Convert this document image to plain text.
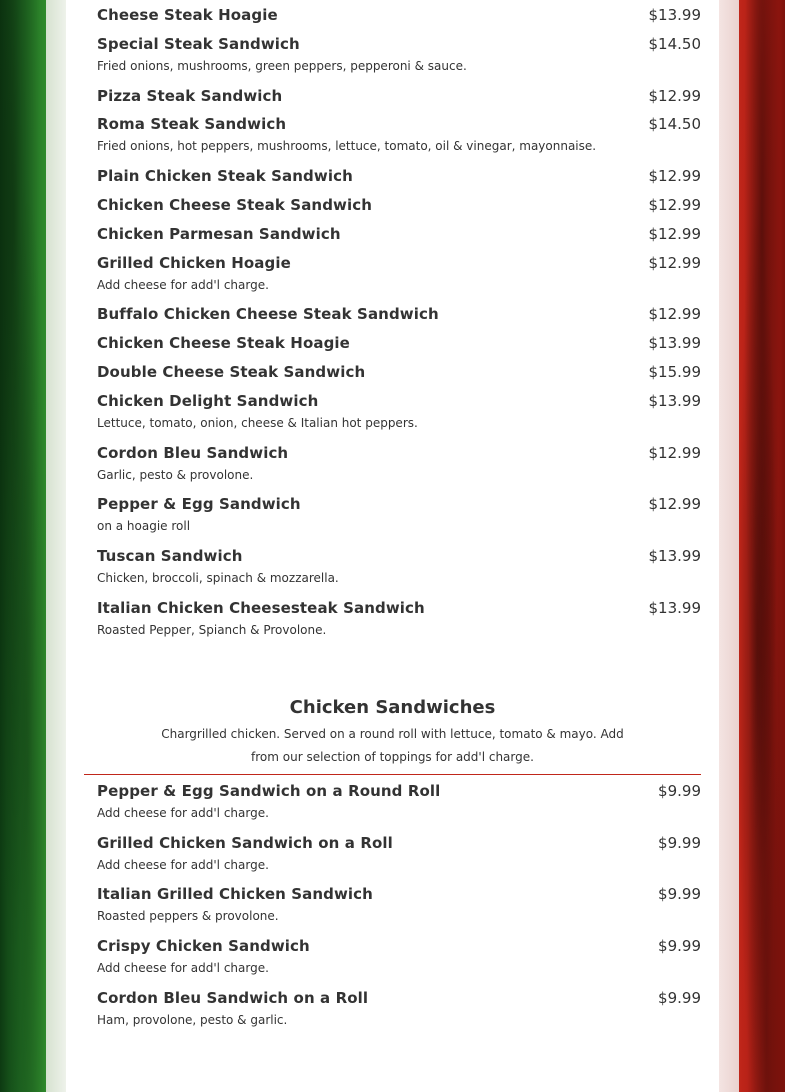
Cheese Steak Hoagie	$13.99
Special Steak Sandwich	$14.50
Fried onions, mushrooms, green peppers, pepperoni & sauce.
Pizza Steak Sandwich	$12.99
Roma Steak Sandwich	$14.50
Fried onions, hot peppers, mushrooms, lettuce, tomato, oil & vinegar, mayonnaise.
Plain Chicken Steak Sandwich	$12.99
Chicken Cheese Steak Sandwich	$12.99
Chicken Parmesan Sandwich	$12.99
Grilled Chicken Hoagie	$12.99
Add cheese for add'l charge.
Buffalo Chicken Cheese Steak Sandwich	$12.99
Chicken Cheese Steak Hoagie	$13.99
Double Cheese Steak Sandwich	$15.99
Chicken Delight Sandwich	$13.99
Lettuce, tomato, onion, cheese & Italian hot peppers.
Cordon Bleu Sandwich	$12.99
Garlic, pesto & provolone.
Pepper & Egg Sandwich	$12.99
on a hoagie roll
Tuscan Sandwich	$13.99
Chicken, broccoli, spinach & mozzarella.
Italian Chicken Cheesesteak Sandwich	$13.99
Roasted Pepper, Spianch & Provolone.
Chicken Sandwiches
Chargrilled chicken. Served on a round roll with lettuce, tomato & mayo. Add from our selection of toppings for add'l charge.
Pepper & Egg Sandwich on a Round Roll	$9.99
Add cheese for add'l charge.
Grilled Chicken Sandwich on a Roll	$9.99
Add cheese for add'l charge.
Italian Grilled Chicken Sandwich	$9.99
Roasted peppers & provolone.
Crispy Chicken Sandwich	$9.99
Add cheese for add'l charge.
Cordon Bleu Sandwich on a Roll	$9.99
Ham, provolone, pesto & garlic.
